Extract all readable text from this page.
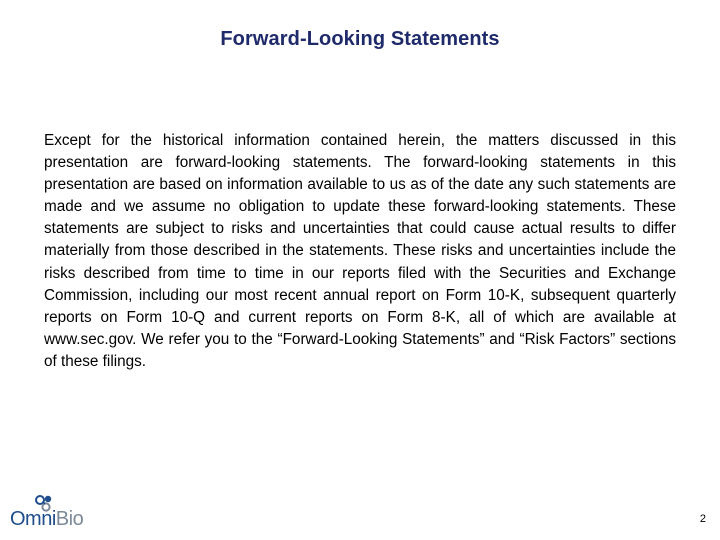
Forward-Looking Statements

Except for the historical information contained herein, the matters discussed in this presentation are forward-looking statements. The forward-looking statements in this presentation are based on information available to us as of the date any such statements are made and we assume no obligation to update these forward-looking statements. These statements are subject to risks and uncertainties that could cause actual results to differ materially from those described in the statements. These risks and uncertainties include the risks described from time to time in our reports filed with the Securities and Exchange Commission, including our most recent annual report on Form 10-K, subsequent quarterly reports on Form 10-Q and current reports on Form 8-K, all of which are available at www.sec.gov. We refer you to the “Forward-Looking Statements” and “Risk Factors” sections of these filings.

OmniBio	2
